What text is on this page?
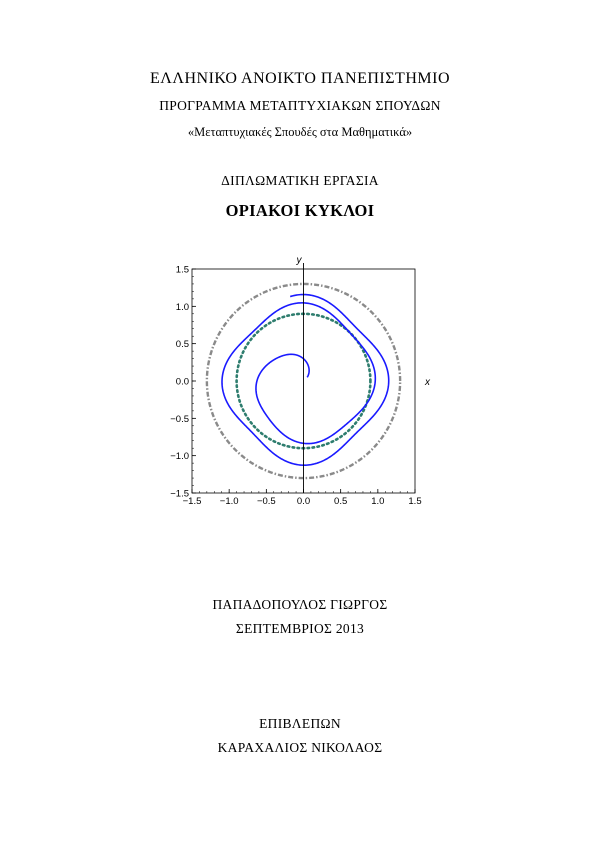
ΕΛΛΗΝΙΚΟ ΑΝΟΙΚΤΟ ΠΑΝΕΠΙΣΤΗΜΙΟ
ΠΡΟΓΡΑΜΜΑ ΜΕΤΑΠΤΥΧΙΑΚΩΝ ΣΠΟΥΔΩΝ
«Μεταπτυχιακές Σπουδές στα Μαθηματικά»
ΔΙΠΛΩΜΑΤΙΚΗ ΕΡΓΑΣΙΑ
ΟΡΙΑΚΟΙ ΚΥΚΛΟΙ
y
x
−1.5 −1.0 −0.5 0.0	0.5	1.0	1.5
1.5
1.0
0.5
0.0
−0.5
−1.0
−1.5
ΠΑΠΑΔΟΠΟΥΛΟΣ ΓΙΩΡΓΟΣ
ΣΕΠΤΕΜΒΡΙΟΣ 2013
ΕΠΙΒΛΕΠΩΝ
ΚΑΡΑΧΑΛΙΟΣ ΝΙΚΟΛΑΟΣ
